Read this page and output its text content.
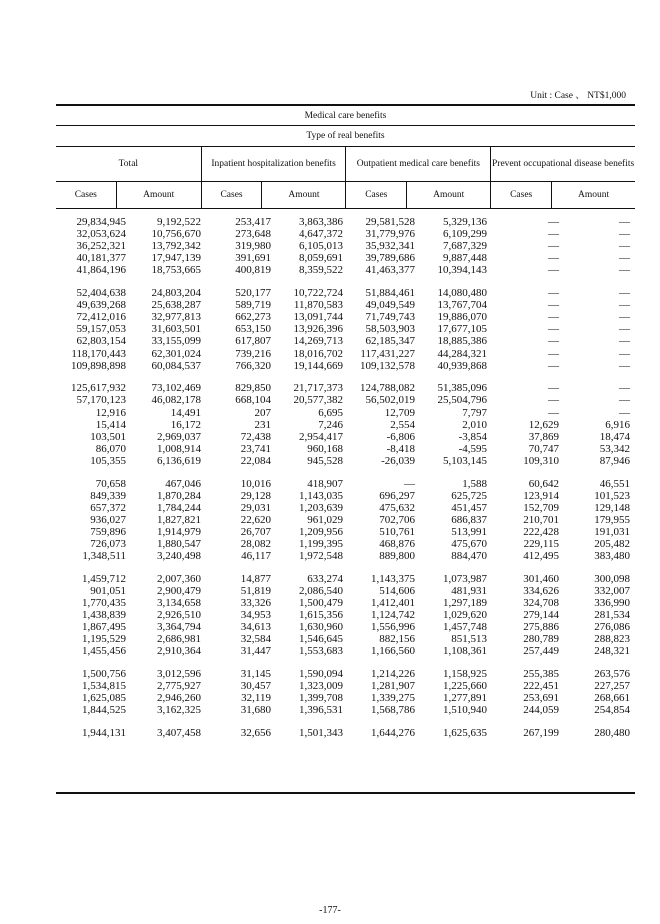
Unit : Case 、 NT$1,000
Medical care benefits							
Type of real benefits							
Total		Inpatient hospitalization benefits		Outpatient medical care benefits		Prevent occupational disease benefits	
Cases	Amount	Cases	Amount	Cases	Amount	Cases	Amount
29,834,945	9,192,522	253,417	3,863,386	29,581,528	5,329,136	—	—
32,053,624	10,756,670	273,648	4,647,372	31,779,976	6,109,299	—	—
36,252,321	13,792,342	319,980	6,105,013	35,932,341	7,687,329	—	—
40,181,377	17,947,139	391,691	8,059,691	39,789,686	9,887,448	—	—
41,864,196	18,753,665	400,819	8,359,522	41,463,377	10,394,143	—	—

52,404,638	24,803,204	520,177	10,722,724	51,884,461	14,080,480	—	—
49,639,268	25,638,287	589,719	11,870,583	49,049,549	13,767,704	—	—
72,412,016	32,977,813	662,273	13,091,744	71,749,743	19,886,070	—	—
59,157,053	31,603,501	653,150	13,926,396	58,503,903	17,677,105	—	—
62,803,154	33,155,099	617,807	14,269,713	62,185,347	18,885,386	—	—
118,170,443	62,301,024	739,216	18,016,702	117,431,227	44,284,321	—	—
109,898,898	60,084,537	766,320	19,144,669	109,132,578	40,939,868	—	—

125,617,932	73,102,469	829,850	21,717,373	124,788,082	51,385,096	—	—
57,170,123	46,082,178	668,104	20,577,382	56,502,019	25,504,796	—	—
12,916	14,491	207	6,695	12,709	7,797	—	—
15,414	16,172	231	7,246	2,554	2,010	12,629	6,916
103,501	2,969,037	72,438	2,954,417	-6,806	-3,854	37,869	18,474
86,070	1,008,914	23,741	960,168	-8,418	-4,595	70,747	53,342
105,355	6,136,619	22,084	945,528	-26,039	5,103,145	109,310	87,946

70,658	467,046	10,016	418,907	—	1,588	60,642	46,551
849,339	1,870,284	29,128	1,143,035	696,297	625,725	123,914	101,523
657,372	1,784,244	29,031	1,203,639	475,632	451,457	152,709	129,148
936,027	1,827,821	22,620	961,029	702,706	686,837	210,701	179,955
759,896	1,914,979	26,707	1,209,956	510,761	513,991	222,428	191,031
726,073	1,880,547	28,082	1,199,395	468,876	475,670	229,115	205,482
1,348,511	3,240,498	46,117	1,972,548	889,800	884,470	412,495	383,480

1,459,712	2,007,360	14,877	633,274	1,143,375	1,073,987	301,460	300,098
901,051	2,900,479	51,819	2,086,540	514,606	481,931	334,626	332,007
1,770,435	3,134,658	33,326	1,500,479	1,412,401	1,297,189	324,708	336,990
1,438,839	2,926,510	34,953	1,615,356	1,124,742	1,029,620	279,144	281,534
1,867,495	3,364,794	34,613	1,630,960	1,556,996	1,457,748	275,886	276,086
1,195,529	2,686,981	32,584	1,546,645	882,156	851,513	280,789	288,823
1,455,456	2,910,364	31,447	1,553,683	1,166,560	1,108,361	257,449	248,321

1,500,756	3,012,596	31,145	1,590,094	1,214,226	1,158,925	255,385	263,576
1,534,815	2,775,927	30,457	1,323,009	1,281,907	1,225,660	222,451	227,257
1,625,085	2,946,260	32,119	1,399,708	1,339,275	1,277,891	253,691	268,661
1,844,525	3,162,325	31,680	1,396,531	1,568,786	1,510,940	244,059	254,854

1,944,131	3,407,458	32,656	1,501,343	1,644,276	1,625,635	267,199	280,480
-177-
